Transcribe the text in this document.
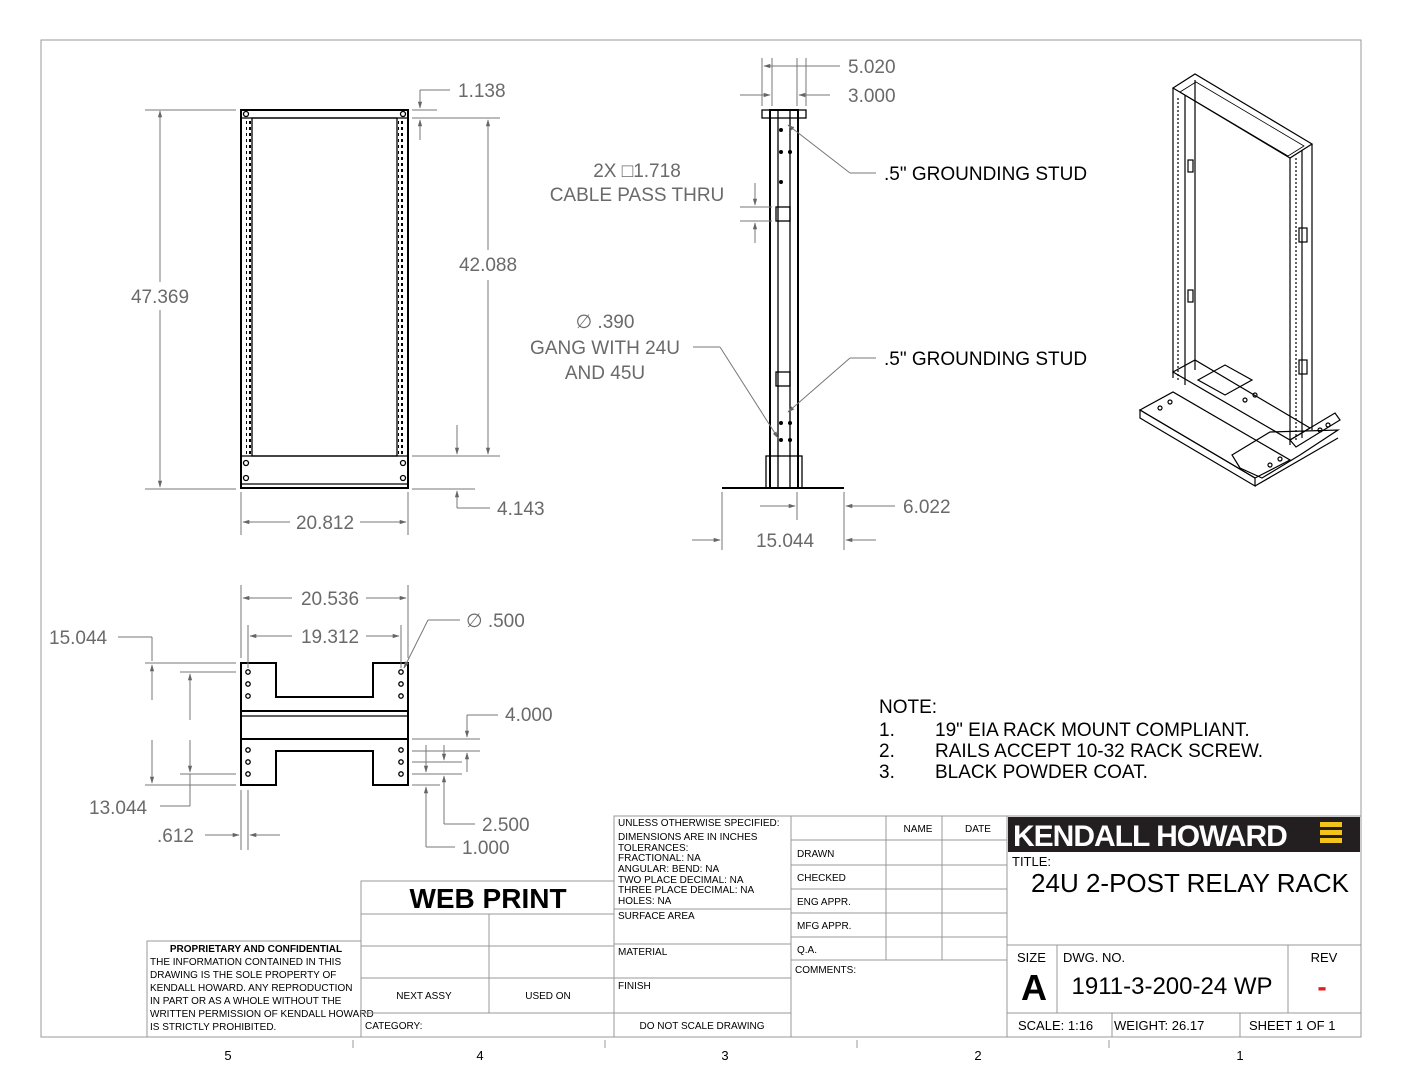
47.369
1.138
42.088
4.143
20.812
5.020
3.000
2X □1.718
CABLE PASS THRU
.5" GROUNDING STUD
.5" GROUNDING STUD
∅ .390
GANG WITH 24U
AND 45U
15.044
6.022
20.536
19.312
∅ .500
15.044
13.044
.612
4.000
2.500
1.000
NOTE:
1. 19" EIA RACK MOUNT COMPLIANT.
2. RAILS ACCEPT 10-32 RACK SCREW.
3. BLACK POWDER COAT.
PROPRIETARY AND CONFIDENTIAL
THE INFORMATION CONTAINED IN THIS
DRAWING IS THE SOLE PROPERTY OF
KENDALL HOWARD. ANY REPRODUCTION
IN PART OR AS A WHOLE WITHOUT THE
WRITTEN PERMISSION OF KENDALL HOWARD
IS STRICTLY PROHIBITED.
WEB PRINT
NEXT ASSY	USED ON
CATEGORY:
UNLESS OTHERWISE SPECIFIED:
DIMENSIONS ARE IN INCHES
TOLERANCES:
FRACTIONAL: NA
ANGULAR: BEND: NA
TWO PLACE DECIMAL: NA
THREE PLACE DECIMAL: NA
HOLES: NA
SURFACE AREA
MATERIAL
FINISH
DO NOT SCALE DRAWING
NAME	DATE
DRAWN
CHECKED
ENG APPR.
MFG APPR.
Q.A.
COMMENTS:
KENDALL HOWARD
TITLE:
24U 2-POST RELAY RACK
SIZE
A
DWG. NO.
1911-3-200-24 WP
REV
-
SCALE: 1:16 WEIGHT: 26.17	SHEET 1 OF 1
5	4	3	2	1
